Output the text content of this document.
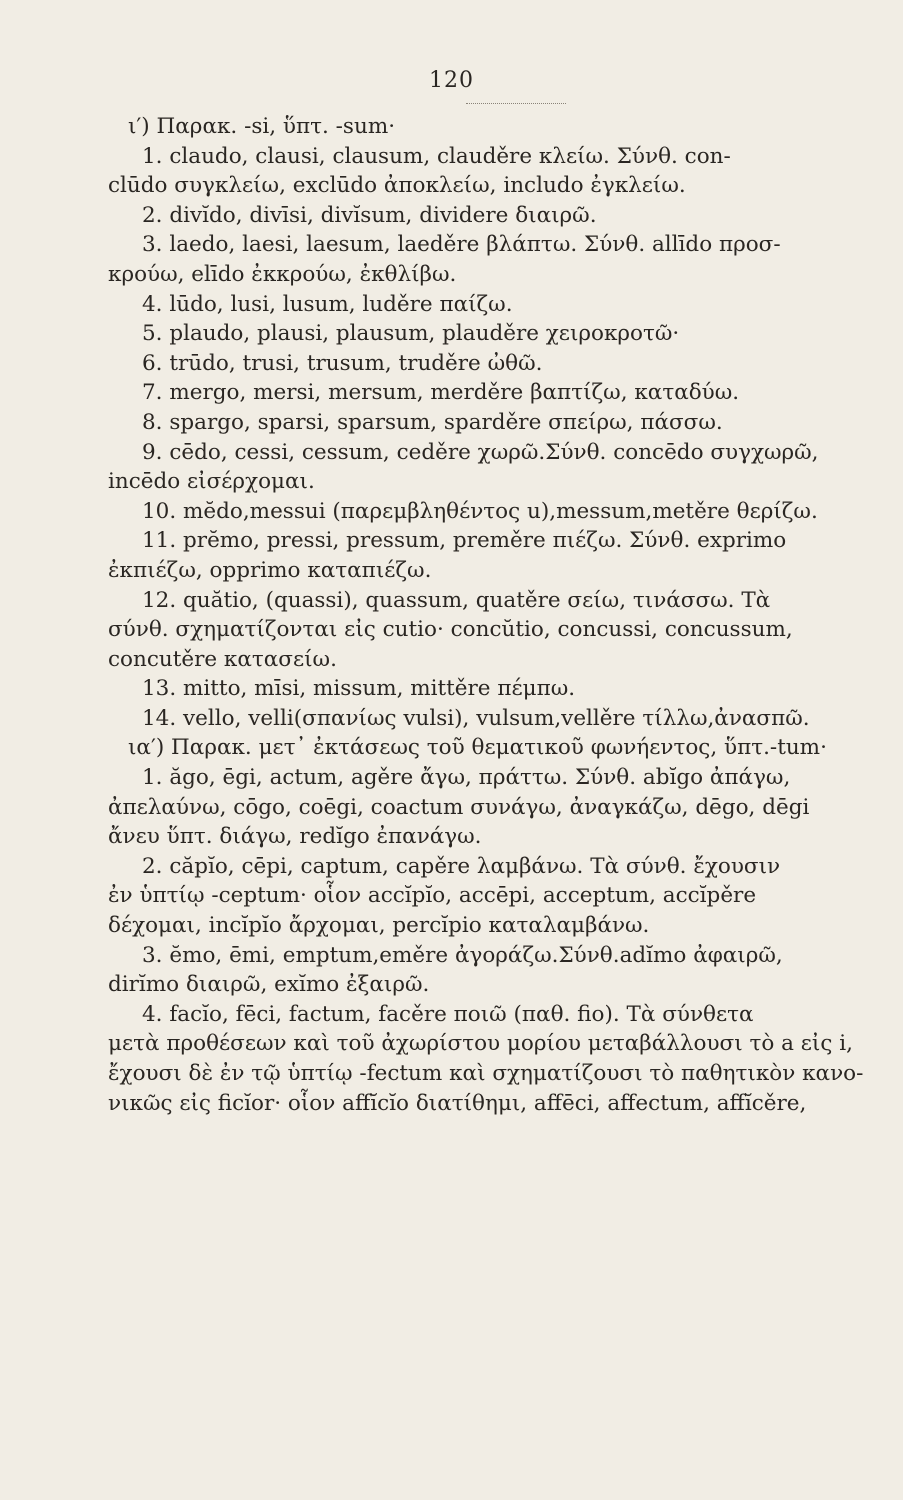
120
ι′) Παρακ. -si, ὕπτ. -sum·
1. claudo, clausi, clausum, clauděre κλείω. Σύνθ. con-
clūdo συγκλείω, exclūdo ἀποκλείω, includo ἐγκλείω.
2. divĭdo, divīsi, divĭsum, dividere διαιρῶ.
3. laedo, laesi, laesum, laeděre βλάπτω. Σύνθ. allīdo προσ-
κρούω, elīdo ἐκκρούω, ἐκθλίβω.
4. lūdo, lusi, lusum, luděre παίζω.
5. plaudo, plausi, plausum, plauděre χειροκροτῶ·
6. trūdo, trusi, trusum, truděre ὠθῶ.
7. mergo, mersi, mersum, merděre βαπτίζω, καταδύω.
8. spargo, sparsi, sparsum, sparděre σπείρω, πάσσω.
9. cēdo, cessi, cessum, ceděre χωρῶ.Σύνθ. concēdo συγχωρῶ,
incēdo εἰσέρχομαι.
10. mĕdo,messui (παρεμβληθέντος u),messum,metěre θερίζω.
11. prĕmo, pressi, pressum, preměre πιέζω. Σύνθ. exprimo
ἐκπιέζω, opprimo καταπιέζω.
12. quătio, (quassi), quassum, quatěre σείω, τινάσσω. Τὰ
σύνθ. σχηματίζονται εἰς cutio· concŭtio, concussi, concussum,
concutěre κατασείω.
13. mitto, mīsi, missum, mittěre πέμπω.
14. vello, velli(σπανίως vulsi), vulsum,vellěre τίλλω,ἀνασπῶ.
ια′) Παρακ. μετ᾽ ἐκτάσεως τοῦ θεματικοῦ φωνήεντος, ὕπτ.-tum·
1. ăgo, ēgi, actum, agěre ἄγω, πράττω. Σύνθ. abĭgo ἀπάγω,
ἀπελαύνω, cōgo, coēgi, coactum συνάγω, ἀναγκάζω, dēgo, dēgi
ἄνευ ὕπτ. διάγω, redĭgo ἐπανάγω.
2. căpĭo, cēpi, captum, capěre λαμβάνω. Τὰ σύνθ. ἔχουσιν
ἐν ὑπτίῳ -ceptum· οἷον accĭpĭo, accēpi, acceptum, accĭpěre
δέχομαι, incĭpĭo ἄρχομαι, percĭpio καταλαμβάνω.
3. ĕmo, ēmi, emptum,eměre ἀγοράζω.Σύνθ.adĭmo ἀφαιρῶ,
dirĭmo διαιρῶ, exĭmo ἐξαιρῶ.
4. facĭo, fēci, factum, facěre ποιῶ (παθ. fio). Τὰ σύνθετα
μετὰ προθέσεων καὶ τοῦ ἀχωρίστου μορίου μεταβάλλουσι τὸ a εἰς i,
ἔχουσι δὲ ἐν τῷ ὑπτίῳ -fectum καὶ σχηματίζουσι τὸ παθητικὸν κανο-
νικῶς εἰς ficĭor· οἷον affĭcĭo διατίθημι, affēci, affectum, affĭcěre,
